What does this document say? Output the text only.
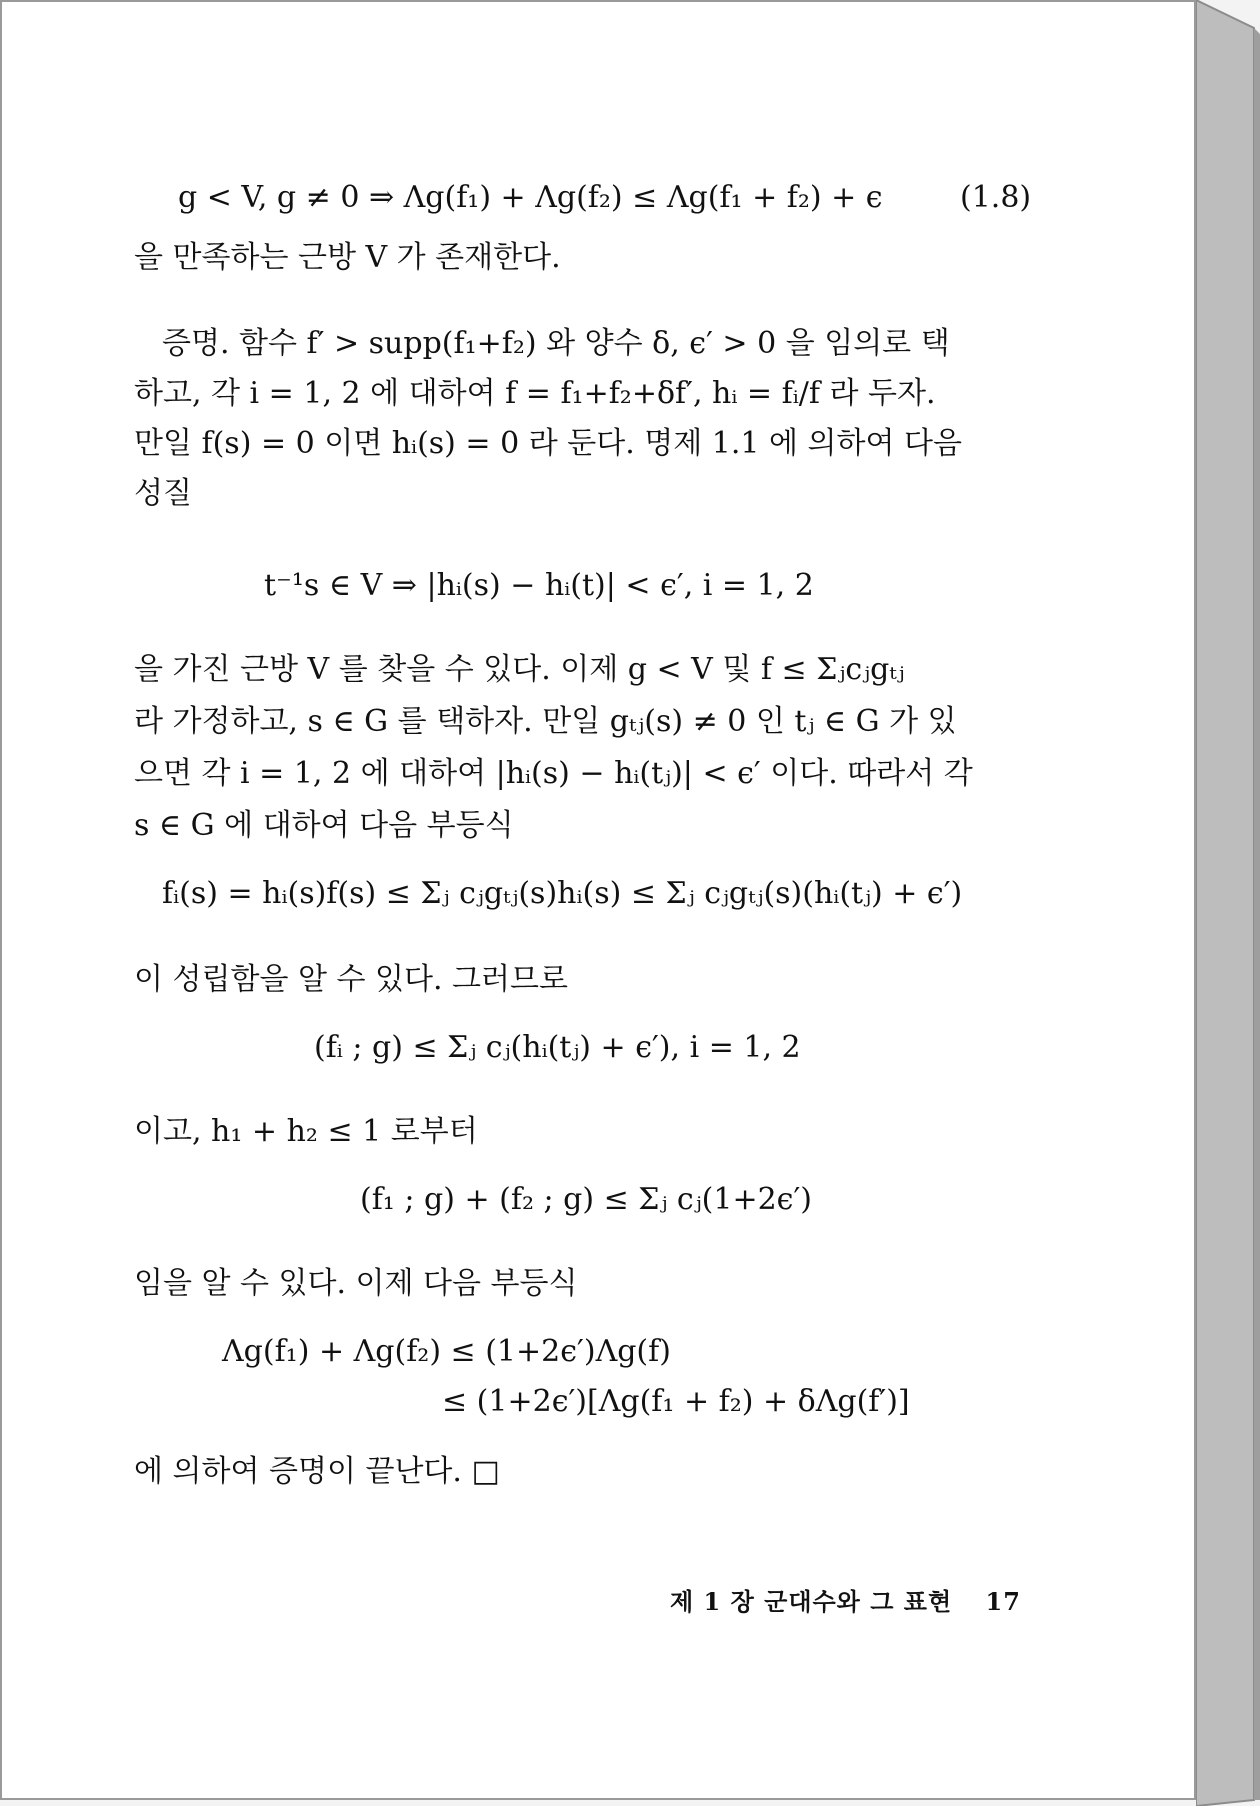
g < V, g ≠ 0 ⇒ Λg(f₁) + Λg(f₂) ≤ Λg(f₁ + f₂) + ϵ	(1.8)
을 만족하는 근방 V 가 존재한다.
증명. 함수 f′ > supp(f₁+f₂) 와 양수 δ, ϵ′ > 0 을 임의로 택
하고, 각 i = 1, 2 에 대하여 f = f₁+f₂+δf′, hᵢ = fᵢ/f 라 두자.
만일 f(s) = 0 이면 hᵢ(s) = 0 라 둔다. 명제 1.1 에 의하여 다음
성질
t⁻¹s ∈ V ⇒ |hᵢ(s) − hᵢ(t)| < ϵ′, i = 1, 2
을 가진 근방 V 를 찾을 수 있다. 이제 g < V 및 f ≤ Σⱼcⱼgₜⱼ
라 가정하고, s ∈ G 를 택하자. 만일 gₜⱼ(s) ≠ 0 인 tⱼ ∈ G 가 있
으면 각 i = 1, 2 에 대하여 |hᵢ(s) − hᵢ(tⱼ)| < ϵ′ 이다. 따라서 각
s ∈ G 에 대하여 다음 부등식
fᵢ(s) = hᵢ(s)f(s) ≤ Σⱼ cⱼgₜⱼ(s)hᵢ(s) ≤ Σⱼ cⱼgₜⱼ(s)(hᵢ(tⱼ) + ϵ′)
이 성립함을 알 수 있다. 그러므로
(fᵢ ; g) ≤ Σⱼ cⱼ(hᵢ(tⱼ) + ϵ′), i = 1, 2
이고, h₁ + h₂ ≤ 1 로부터
(f₁ ; g) + (f₂ ; g) ≤ Σⱼ cⱼ(1+2ϵ′)
임을 알 수 있다. 이제 다음 부등식
Λg(f₁) + Λg(f₂) ≤ (1+2ϵ′)Λg(f)
≤ (1+2ϵ′)[Λg(f₁ + f₂) + δΛg(f′)]
에 의하여 증명이 끝난다. □
제 1 장 군대수와 그 표현 17
